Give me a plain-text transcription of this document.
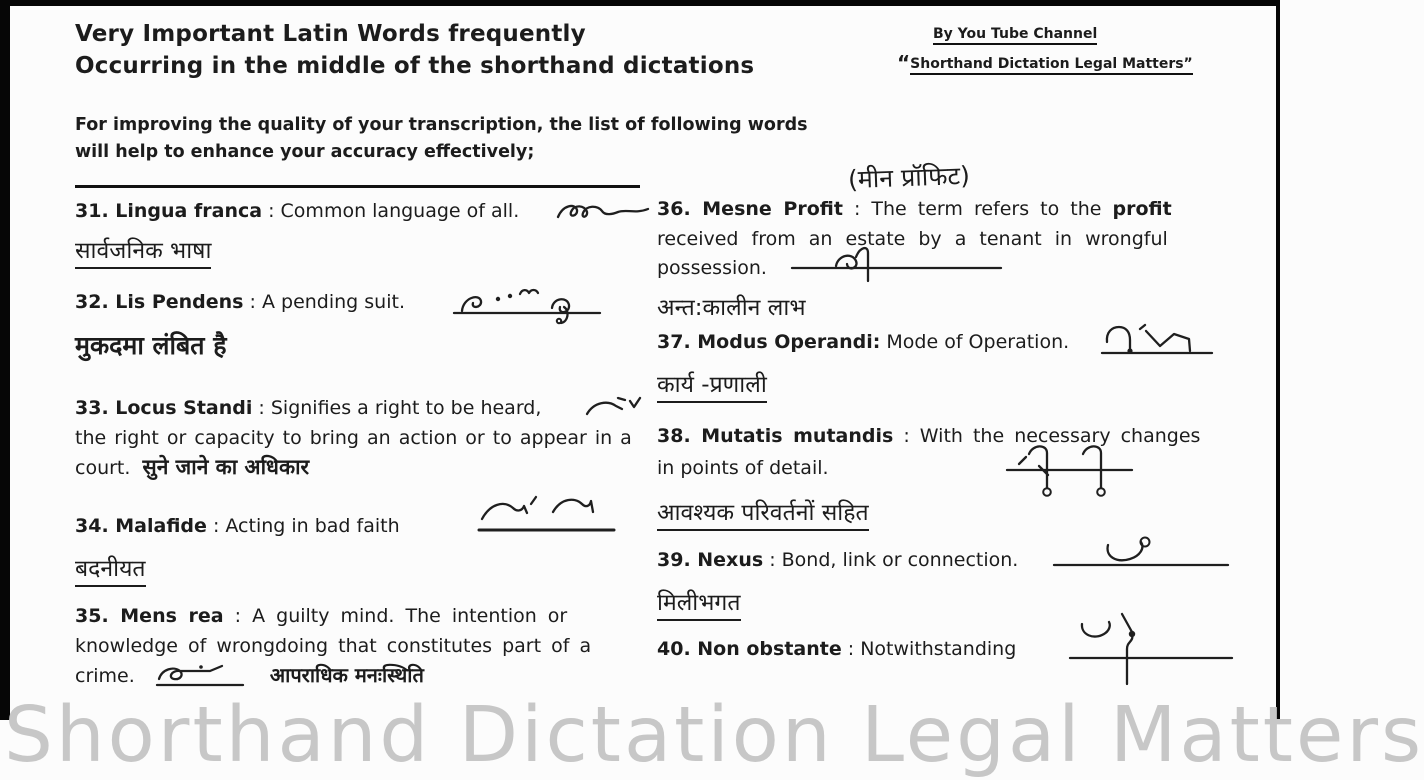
Very Important Latin Words frequently
Occurring in the middle of the shorthand dictations
By You Tube Channel
“Shorthand Dictation Legal Matters”
For improving the quality of your transcription, the list of following words
will help to enhance your accuracy effectively;
31. Lingua franca : Common language of all.
सार्वजनिक भाषा
32. Lis Pendens : A pending suit.
मुकदमा लंबित है
33. Locus Standi : Signifies a right to be heard,
the right or capacity to bring an action or to appear in a
court. सुने जाने का अधिकार
34. Malafide : Acting in bad faith
बदनीयत
35. Mens rea : A guilty mind. The intention or
knowledge of wrongdoing that constitutes part of a
crime.	आपराधिक मनःस्थिति
(मीन प्रॉफिट)
36. Mesne Profit : The term refers to the profit
received from an estate by a tenant in wrongful
possession.
अन्त:कालीन लाभ
37. Modus Operandi: Mode of Operation.
कार्य -प्रणाली
38. Mutatis mutandis : With the necessary changes
in points of detail.
आवश्यक परिवर्तनों सहित
39. Nexus : Bond, link or connection.
मिलीभगत
40. Non obstante : Notwithstanding
Shorthand Dictation Legal Matters
